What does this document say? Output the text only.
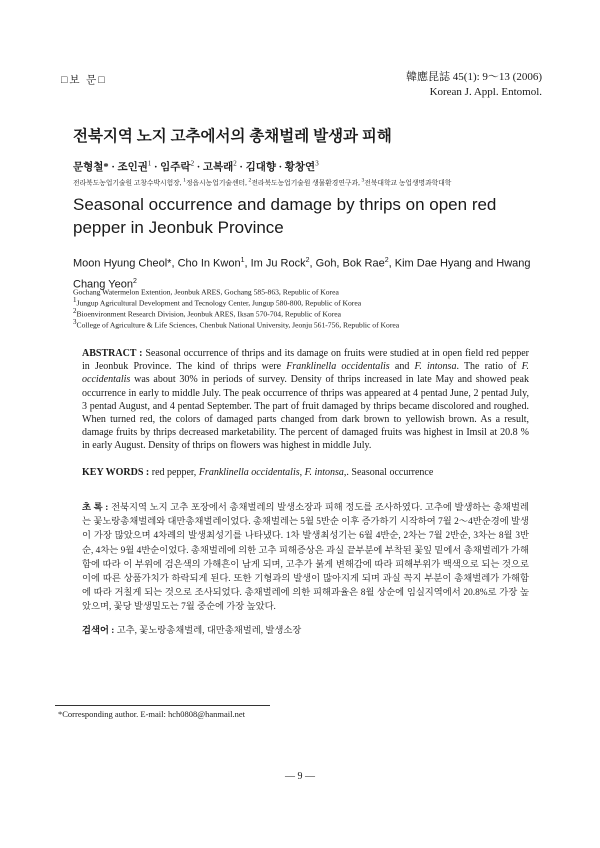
□보 문□	韓應昆誌 45(1): 9～13 (2006)
Korean J. Appl. Entomol.
전북지역 노지 고추에서의 총채벌레 발생과 피해
문형철* · 조인권$^1$ · 임주락$^2$ · 고복래$^2$ · 김대향 · 황창연$^3$
전라북도농업기술원 고창수박시험장, $^1$정읍시농업기술센터, $^2$전라북도농업기술원 생물환경연구과, $^3$전북대학교 농업생명과학대학
Seasonal occurrence and damage by thrips on open red pepper in Jeonbuk Province
Moon Hyung Cheol*, Cho In Kwon$^1$, Im Ju Rock$^2$, Goh, Bok Rae$^2$, Kim Dae Hyang and Hwang Chang Yeon$^2$
Gochang Watermelon Extention, Jeonbuk ARES, Gochang 585-863, Republic of Korea
$^1$Jungup Agricultural Development and Tecnology Center, Jungup 580-800, Republic of Korea
$^2$Bioenvironment Research Division, Jeonbuk ARES, Iksan 570-704, Republic of Korea
$^3$College of Agriculture & Life Sciences, Chenbuk National University, Jeonju 561-756, Republic of Korea
ABSTRACT : Seasonal occurrence of thrips and its damage on fruits were studied at in open field red pepper in Jeonbuk Province. The kind of thrips were Franklinella occidentalis and F. intonsa. The ratio of F. occidentalis was about 30% in periods of survey. Density of thrips increased in late May and showed peak occurrence in early to middle July. The peak occurrence of thrips was appeared at 4 pentad June, 2 pentad July, 3 pentad August, and 4 pentad September. The part of fruit damaged by thrips became discolored and roughed. When turned red, the colors of damaged parts changed from dark brown to yellowish brown. As a result, damage fruits by thrips decreased marketability. The percent of damaged fruits was highest in Imsil at 20.8 % in early August. Density of thrips on flowers was highest in middle July.
KEY WORDS : red pepper, Franklinella occidentalis, F. intonsa,. Seasonal occurrence
초 록 : 전북지역 노지 고추 포장에서 총채벌레의 발생소장과 피해 정도를 조사하였다. 고추에 발생하는 총채벌레는 꽃노랑총채벌레와 대만총채벌레이었다. 총채벌레는 5월 5반순 이후 증가하기 시작하여 7월 2～4반순경에 발생이 가장 많았으며 4차례의 발생최성기를 나타냈다. 1차 발생최성기는 6월 4반순, 2차는 7월 2반순, 3차는 8월 3반순, 4차는 9월 4반순이었다. 총채벌레에 의한 고추 피해증상은 과실 끝부분에 부착된 꽃잎 밑에서 총채벌레가 가해함에 따라 이 부위에 검은색의 가해흔이 남게 되며, 고추가 붉게 변해감에 따라 피해부위가 백색으로 되는 것으로 이에 따른 상품가치가 하락되게 된다. 또한 기형과의 발생이 많아지게 되며 과실 꼭지 부분이 총채벌레가 가해함에 따라 거칠게 되는 것으로 조사되었다. 총채벌레에 의한 피해과율은 8월 상순에 임실지역에서 20.8%로 가장 높았으며, 꽃당 발생밀도는 7월 중순에 가장 높았다.
검색어 : 고추, 꽃노랑총채벌레, 대만총채벌레, 발생소장
*Corresponding author. E-mail: hch0808@hanmail.net
— 9 —
